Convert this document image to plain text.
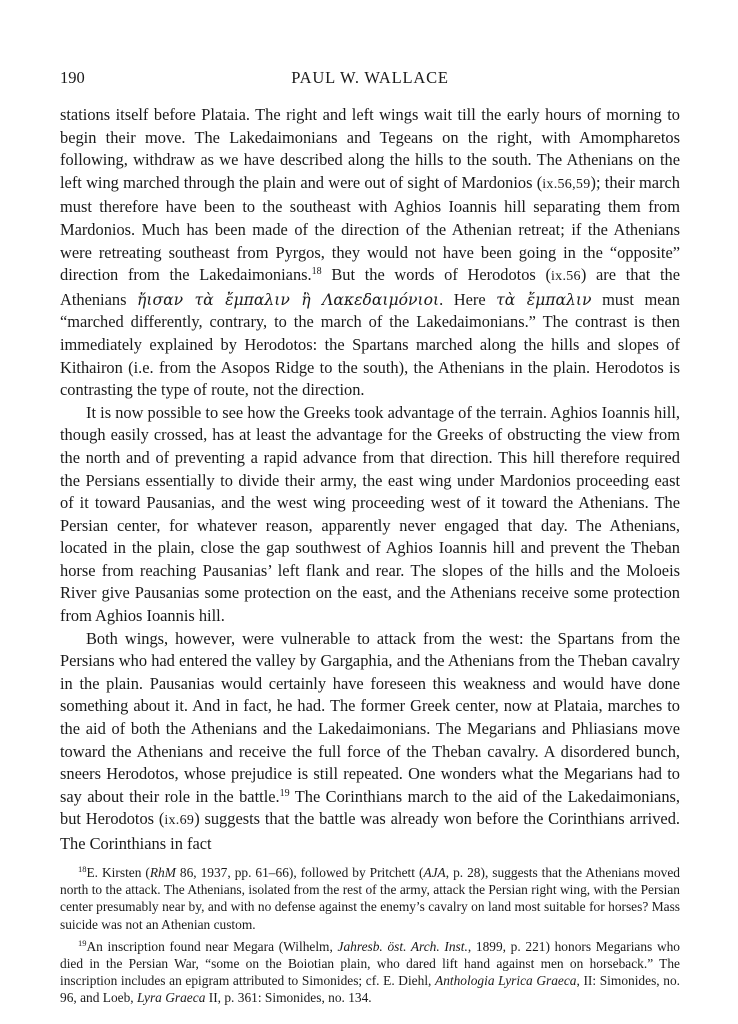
190	PAUL W. WALLACE

stations itself before Plataia. The right and left wings wait till the early hours of morning to begin their move. The Lakedaimonians and Tegeans on the right, with Amompharetos following, withdraw as we have described along the hills to the south. The Athenians on the left wing marched through the plain and were out of sight of Mardonios (ix.56,59); their march must therefore have been to the southeast with Aghios Ioannis hill separating them from Mardonios. Much has been made of the direction of the Athenian retreat; if the Athenians were retreating southeast from Pyrgos, they would not have been going in the “opposite” direction from the Lakedaimonians.$^{18}$ But the words of Herodotos (ix.56) are that the Athenians ἤισαν τὰ ἔμπαλιν ἢ Λακεδαιμόνιοι. Here τὰ ἔμπαλιν must mean “marched differently, contrary, to the march of the Lakedaimonians.” The contrast is then immediately explained by Herodotos: the Spartans marched along the hills and slopes of Kithairon (i.e. from the Asopos Ridge to the south), the Athenians in the plain. Herodotos is contrasting the type of route, not the direction.

It is now possible to see how the Greeks took advantage of the terrain. Aghios Ioannis hill, though easily crossed, has at least the advantage for the Greeks of obstructing the view from the north and of preventing a rapid advance from that direction. This hill therefore required the Persians essentially to divide their army, the east wing under Mardonios proceeding east of it toward Pausanias, and the west wing proceeding west of it toward the Athenians. The Persian center, for whatever reason, apparently never engaged that day. The Athenians, located in the plain, close the gap southwest of Aghios Ioannis hill and prevent the Theban horse from reaching Pausanias’ left flank and rear. The slopes of the hills and the Moloeis River give Pausanias some protection on the east, and the Athenians receive some protection from Aghios Ioannis hill.

Both wings, however, were vulnerable to attack from the west: the Spartans from the Persians who had entered the valley by Gargaphia, and the Athenians from the Theban cavalry in the plain. Pausanias would certainly have foreseen this weakness and would have done something about it. And in fact, he had. The former Greek center, now at Plataia, marches to the aid of both the Athenians and the Lakedaimonians. The Megarians and Phliasians move toward the Athenians and receive the full force of the Theban cavalry. A disordered bunch, sneers Herodotos, whose prejudice is still repeated. One wonders what the Megarians had to say about their role in the battle.$^{19}$ The Corinthians march to the aid of the Lakedaimonians, but Herodotos (ix.69) suggests that the battle was already won before the Corinthians arrived. The Corinthians in fact

$^{18}$E. Kirsten (RhM 86, 1937, pp. 61–66), followed by Pritchett (AJA, p. 28), suggests that the Athenians moved north to the attack. The Athenians, isolated from the rest of the army, attack the Persian right wing, with the Persian center presumably near by, and with no defense against the enemy’s cavalry on land most suitable for horses? Mass suicide was not an Athenian custom.

$^{19}$An inscription found near Megara (Wilhelm, Jahresb. öst. Arch. Inst., 1899, p. 221) honors Megarians who died in the Persian War, “some on the Boiotian plain, who dared lift hand against men on horseback.” The inscription includes an epigram attributed to Simonides; cf. E. Diehl, Anthologia Lyrica Graeca, II: Simonides, no. 96, and Loeb, Lyra Graeca II, p. 361: Simonides, no. 134.
